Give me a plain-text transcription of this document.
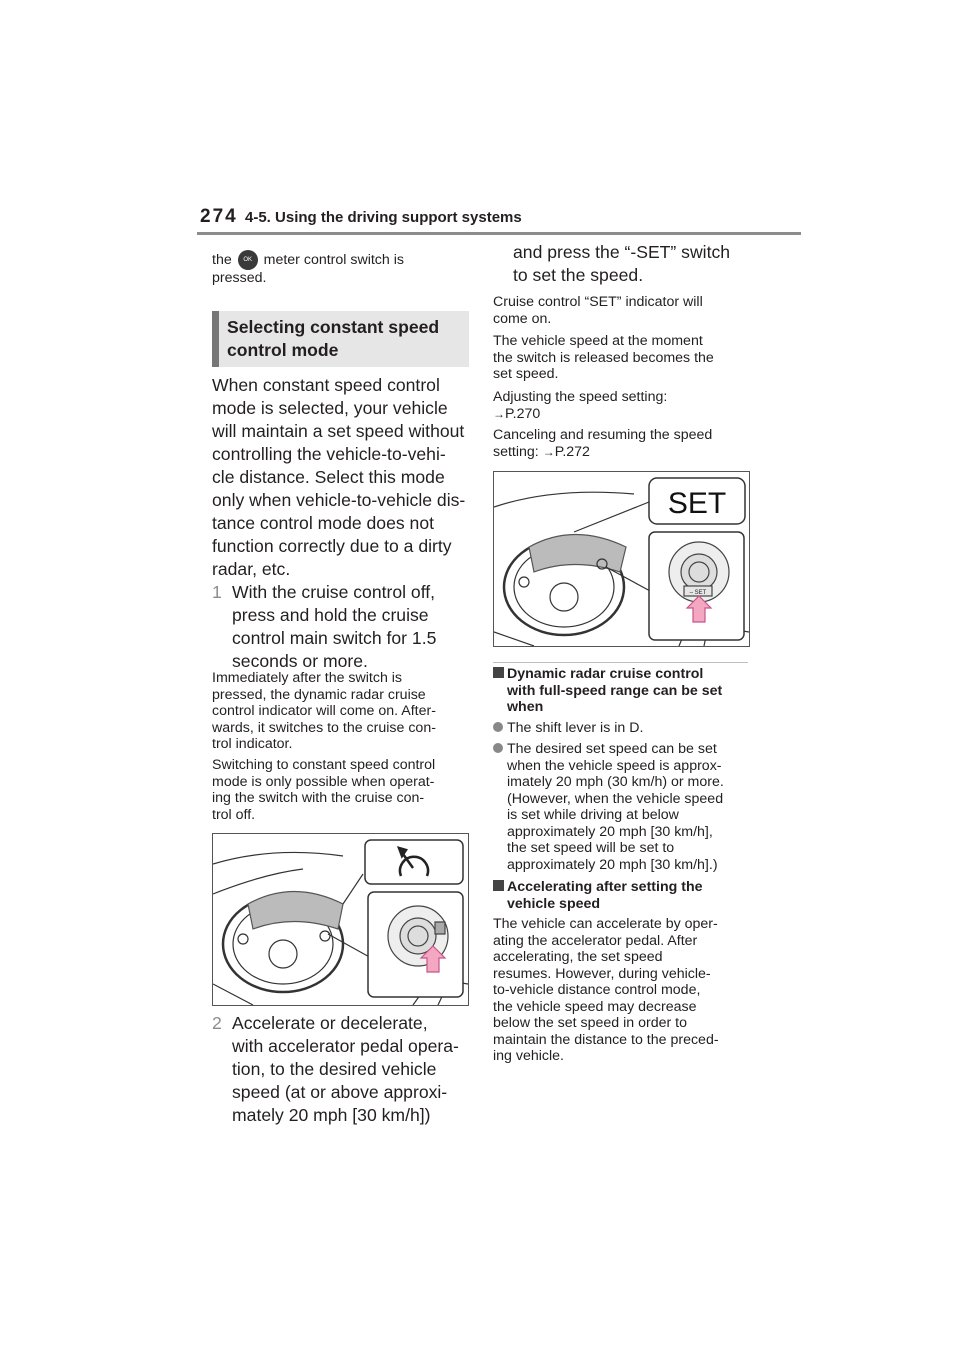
274 4-5. Using the driving support systems

the OK meter control switch is
pressed.

Selecting constant speed
control mode

When constant speed control
mode is selected, your vehicle
will maintain a set speed without
controlling the vehicle-to-vehi-
cle distance. Select this mode
only when vehicle-to-vehicle dis-
tance control mode does not
function correctly due to a dirty
radar, etc.

1 With the cruise control off,
press and hold the cruise
control main switch for 1.5
seconds or more.

Immediately after the switch is
pressed, the dynamic radar cruise
control indicator will come on. After-
wards, it switches to the cruise con-
trol indicator.

Switching to constant speed control
mode is only possible when operat-
ing the switch with the cruise con-
trol off.

2 Accelerate or decelerate,
with accelerator pedal opera-
tion, to the desired vehicle
speed (at or above approxi-
mately 20 mph [30 km/h])

and press the “-SET” switch
to set the speed.

Cruise control “SET” indicator will
come on.

The vehicle speed at the moment
the switch is released becomes the
set speed.

Adjusting the speed setting:
→P.270

Canceling and resuming the speed
setting: →P.272

SET
– SET

Dynamic radar cruise control
with full-speed range can be set
when

The shift lever is in D.

The desired set speed can be set
when the vehicle speed is approx-
imately 20 mph (30 km/h) or more.
(However, when the vehicle speed
is set while driving at below
approximately 20 mph [30 km/h],
the set speed will be set to
approximately 20 mph [30 km/h].)

Accelerating after setting the
vehicle speed

The vehicle can accelerate by oper-
ating the accelerator pedal. After
accelerating, the set speed
resumes. However, during vehicle-
to-vehicle distance control mode,
the vehicle speed may decrease
below the set speed in order to
maintain the distance to the preced-
ing vehicle.
